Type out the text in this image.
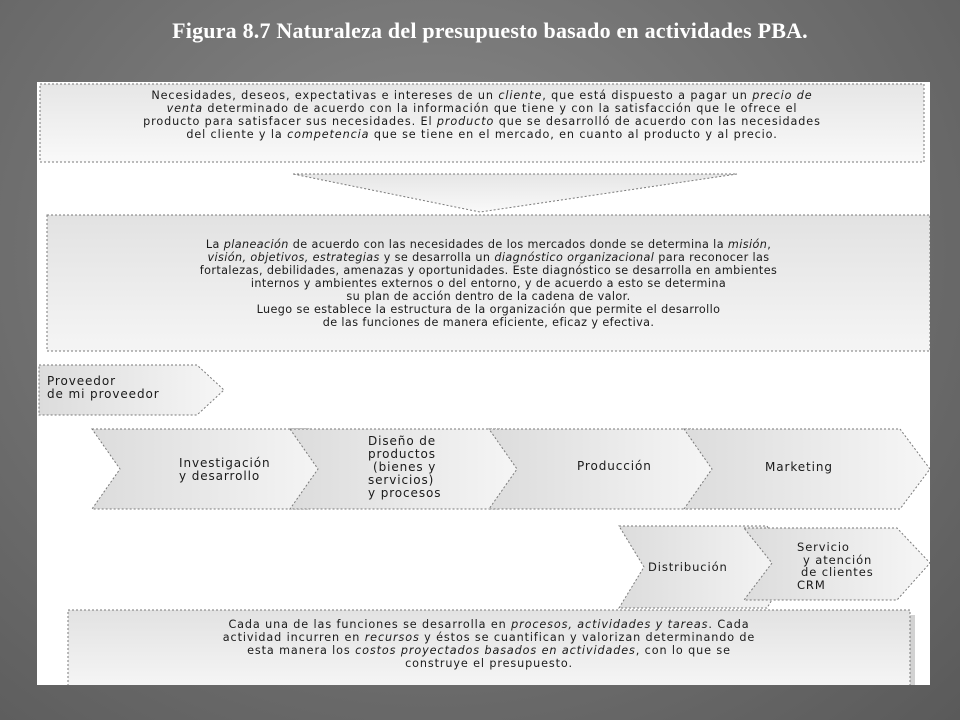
Figura 8.7 Naturaleza del presupuesto basado en actividades PBA.
Necesidades, deseos, expectativas e intereses de un cliente, que está dispuesto a pagar un precio de
venta determinado de acuerdo con la información que tiene y con la satisfacción que le ofrece el
producto para satisfacer sus necesidades. El producto que se desarrolló de acuerdo con las necesidades
del cliente y la competencia que se tiene en el mercado, en cuanto al producto y al precio.
La planeación de acuerdo con las necesidades de los mercados donde se determina la misión,
visión, objetivos, estrategias y se desarrolla un diagnóstico organizacional para reconocer las
fortalezas, debilidades, amenazas y oportunidades. Este diagnóstico se desarrolla en ambientes
internos y ambientes externos o del entorno, y de acuerdo a esto se determina
su plan de acción dentro de la cadena de valor.
Luego se establece la estructura de la organización que permite el desarrollo
de las funciones de manera eficiente, eficaz y efectiva.
Proveedor
de mi proveedor
Investigación
y desarrollo
Diseño de
productos
(bienes y
servicios)
y procesos
Producción	Marketing
Distribución
Servicio
y atención
de clientes
CRM
Cada una de las funciones se desarrolla en procesos, actividades y tareas. Cada
actividad incurren en recursos y éstos se cuantifican y valorizan determinando de
esta manera los costos proyectados basados en actividades, con lo que se
construye el presupuesto.
